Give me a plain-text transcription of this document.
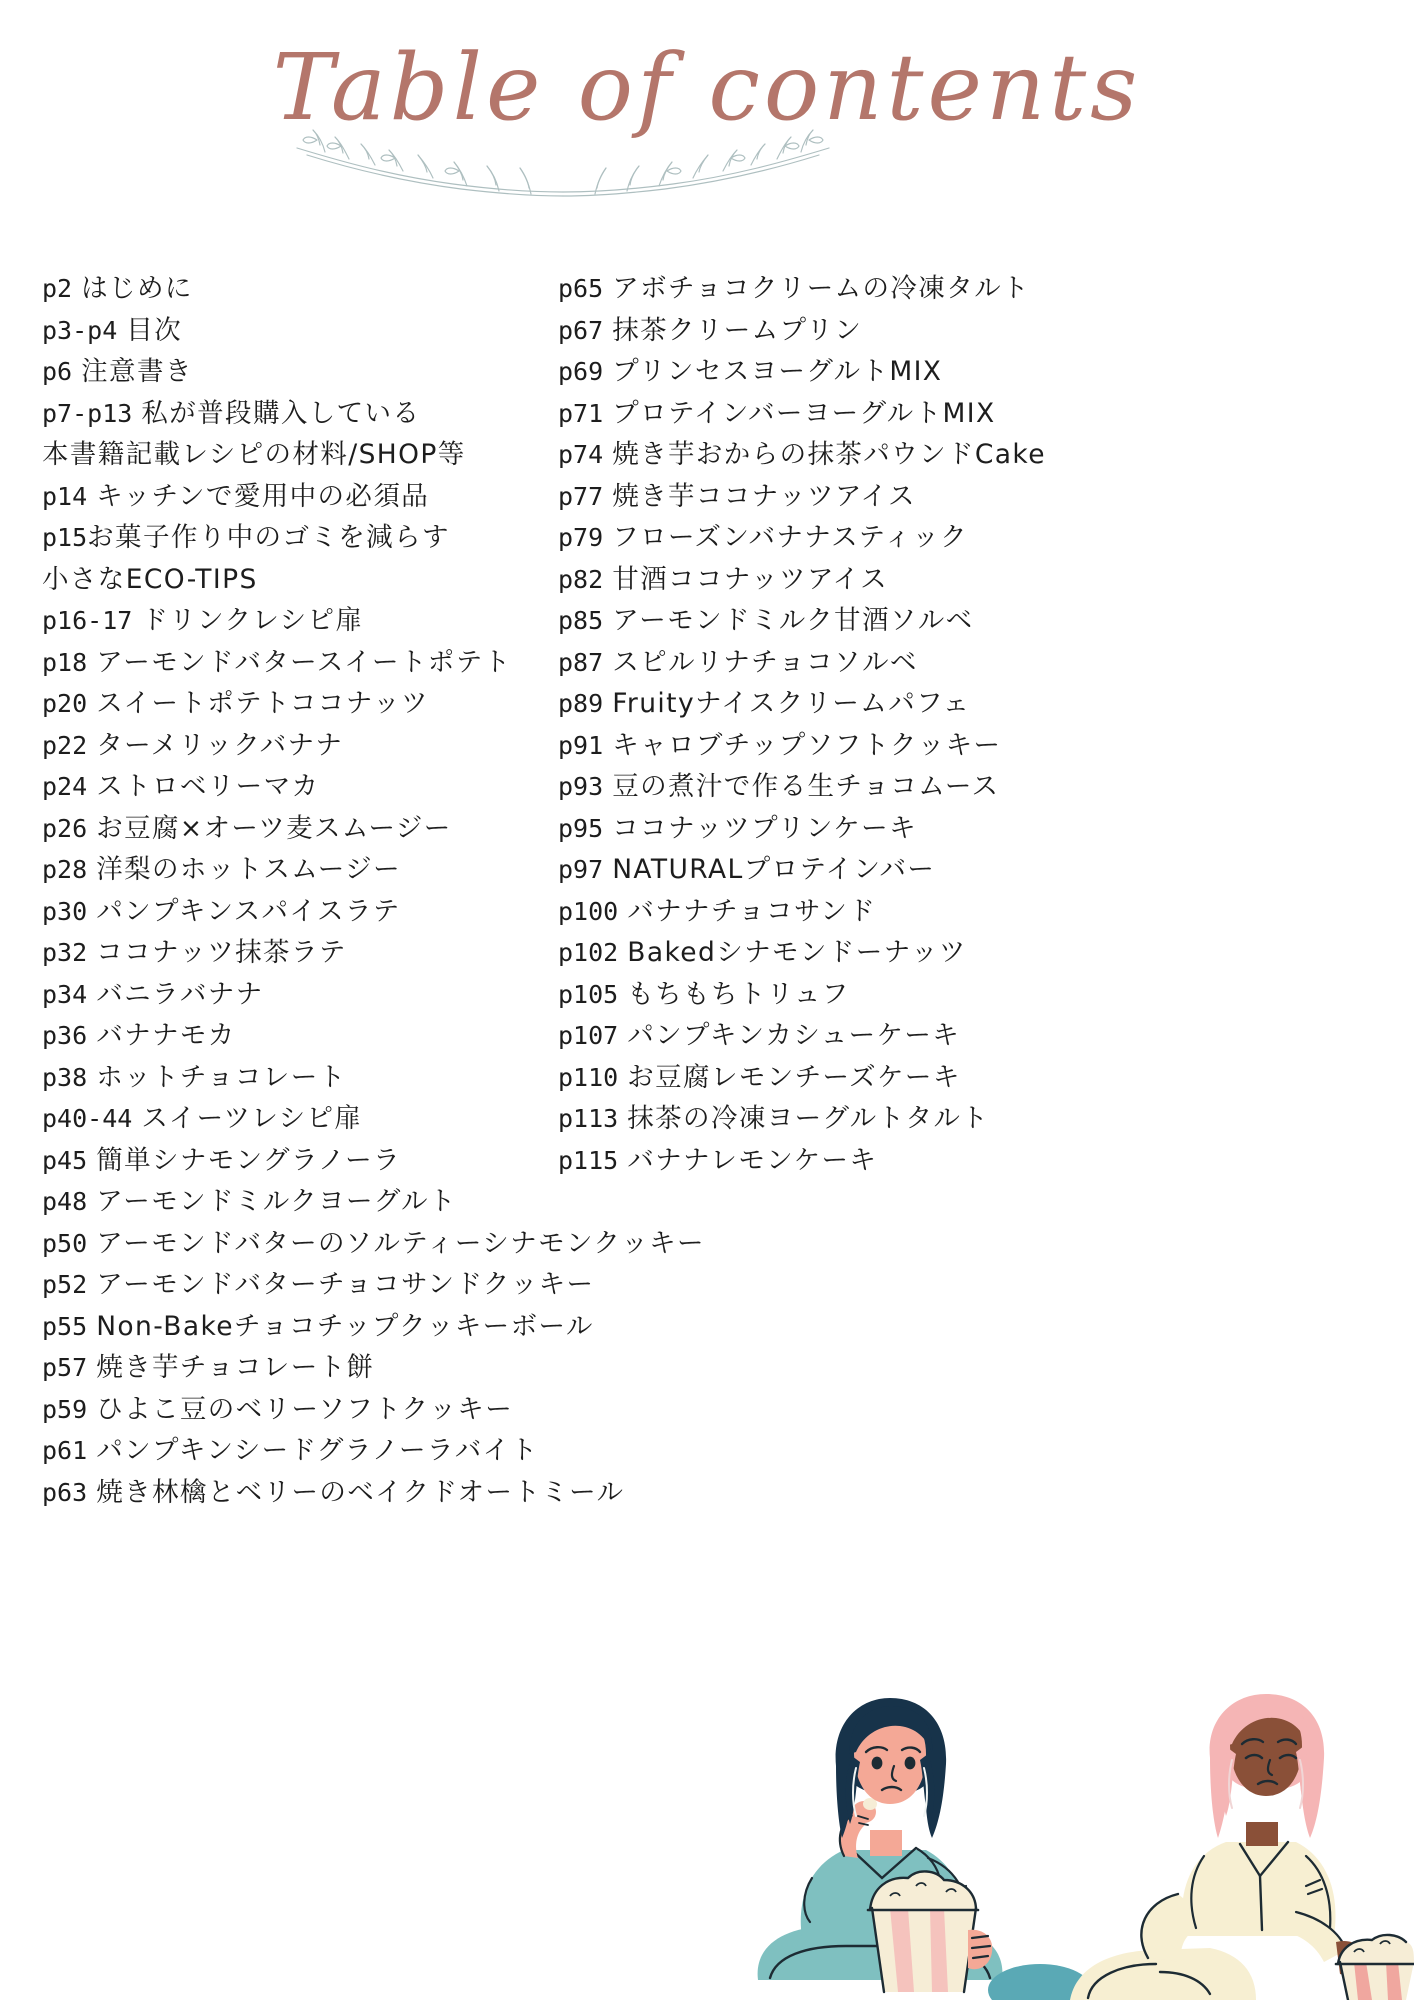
Table of contents
p2 はじめに
p3-p4 目次
p6 注意書き
p7-p13 私が普段購入している
本書籍記載レシピの材料/SHOP等
p14 キッチンで愛用中の必須品
p15お菓子作り中のゴミを減らす
小さなECO-TIPS
p16-17 ドリンクレシピ扉
p18 アーモンドバタースイートポテト
p20 スイートポテトココナッツ
p22 ターメリックバナナ
p24 ストロベリーマカ
p26 お豆腐×オーツ麦スムージー
p28 洋梨のホットスムージー
p30 パンプキンスパイスラテ
p32 ココナッツ抹茶ラテ
p34 バニラバナナ
p36 バナナモカ
p38 ホットチョコレート
p40-44 スイーツレシピ扉
p45 簡単シナモングラノーラ
p48 アーモンドミルクヨーグルト
p50 アーモンドバターのソルティーシナモンクッキー
p52 アーモンドバターチョコサンドクッキー
p55 Non-Bakeチョコチップクッキーボール
p57 焼き芋チョコレート餅
p59 ひよこ豆のベリーソフトクッキー
p61 パンプキンシードグラノーラバイト
p63 焼き林檎とベリーのベイクドオートミール
p65 アボチョコクリームの冷凍タルト
p67 抹茶クリームプリン
p69 プリンセスヨーグルトMIX
p71 プロテインバーヨーグルトMIX
p74 焼き芋おからの抹茶パウンドCake
p77 焼き芋ココナッツアイス
p79 フローズンバナナスティック
p82 甘酒ココナッツアイス
p85 アーモンドミルク甘酒ソルベ
p87 スピルリナチョコソルベ
p89 Fruityナイスクリームパフェ
p91 キャロブチップソフトクッキー
p93 豆の煮汁で作る生チョコムース
p95 ココナッツプリンケーキ
p97 NATURALプロテインバー
p100 バナナチョコサンド
p102 Bakedシナモンドーナッツ
p105 もちもちトリュフ
p107 パンプキンカシューケーキ
p110 お豆腐レモンチーズケーキ
p113 抹茶の冷凍ヨーグルトタルト
p115 バナナレモンケーキ
